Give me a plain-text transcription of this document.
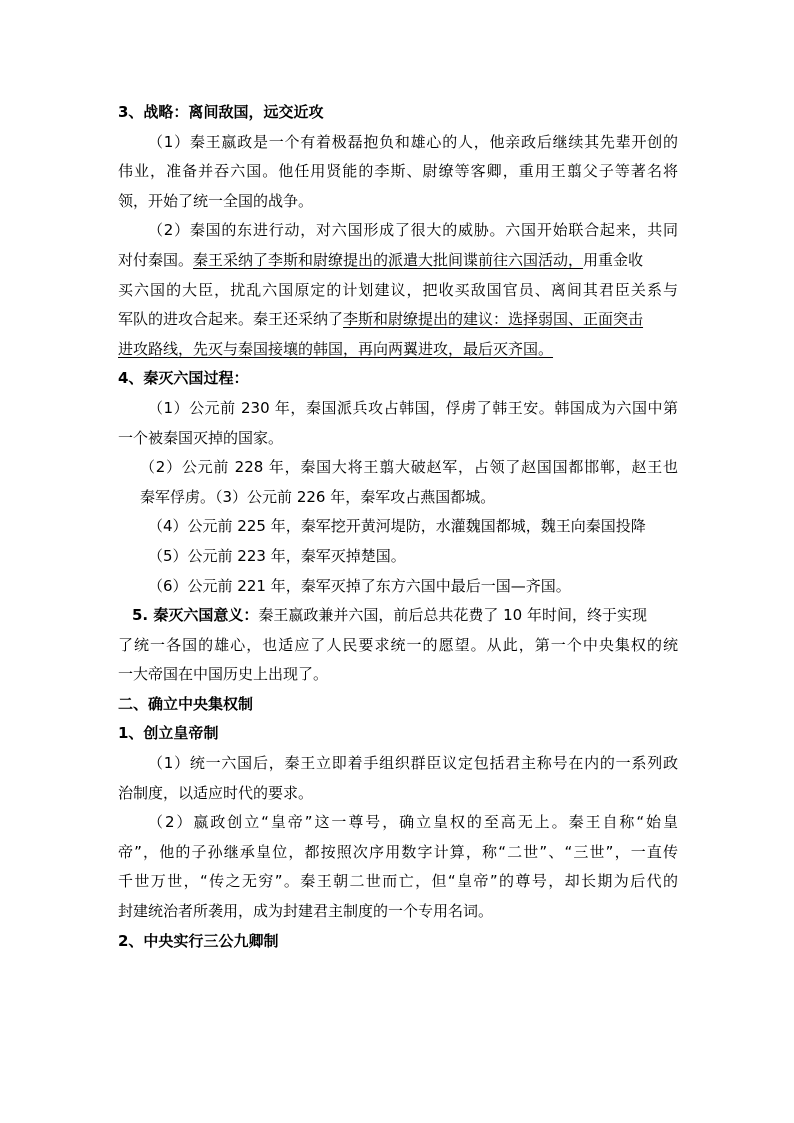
3、战略：离间敌国，远交近攻
（1）秦王嬴政是一个有着极磊抱负和雄心的人，他亲政后继续其先辈开创的
伟业，准备并吞六国。他任用贤能的李斯、尉缭等客卿，重用王翦父子等著名将
领，开始了统一全国的战争。
（2）秦国的东进行动，对六国形成了很大的威胁。六国开始联合起来，共同
对付秦国。秦王采纳了李斯和尉缭提出的派遣大批间谍前往六国活动，用重金收
买六国的大臣，扰乱六国原定的计划建议，把收买敌国官员、离间其君臣关系与
军队的进攻合起来。秦王还采纳了李斯和尉缭提出的建议：选择弱国、正面突击
进攻路线，先灭与秦国接壤的韩国，再向两翼进攻，最后灭齐国。
4、秦灭六国过程：
（1）公元前 230 年，秦国派兵攻占韩国，俘虏了韩王安。韩国成为六国中第
一个被秦国灭掉的国家。
（2）公元前 228 年，秦国大将王翦大破赵军，占领了赵国国都邯郸，赵王也
秦军俘虏。（3）公元前 226 年，秦军攻占燕国都城。
（4）公元前 225 年，秦军挖开黄河堤防，水灌魏国都城，魏王向秦国投降
（5）公元前 223 年，秦军灭掉楚国。
（6）公元前 221 年，秦军灭掉了东方六国中最后一国—齐国。
5. 秦灭六国意义：秦王嬴政兼并六国，前后总共花费了 10 年时间，终于实现
了统一各国的雄心，也适应了人民要求统一的愿望。从此，第一个中央集权的统
一大帝国在中国历史上出现了。
二、确立中央集权制
1、创立皇帝制
（1）统一六国后，秦王立即着手组织群臣议定包括君主称号在内的一系列政
治制度，以适应时代的要求。
（2）嬴政创立“皇帝”这一尊号，确立皇权的至高无上。秦王自称“始皇
帝”，他的子孙继承皇位，都按照次序用数字计算，称“二世”、“三世”，一直传
千世万世，“传之无穷”。秦王朝二世而亡，但“皇帝”的尊号，却长期为后代的
封建统治者所袭用，成为封建君主制度的一个专用名词。
2、中央实行三公九卿制
